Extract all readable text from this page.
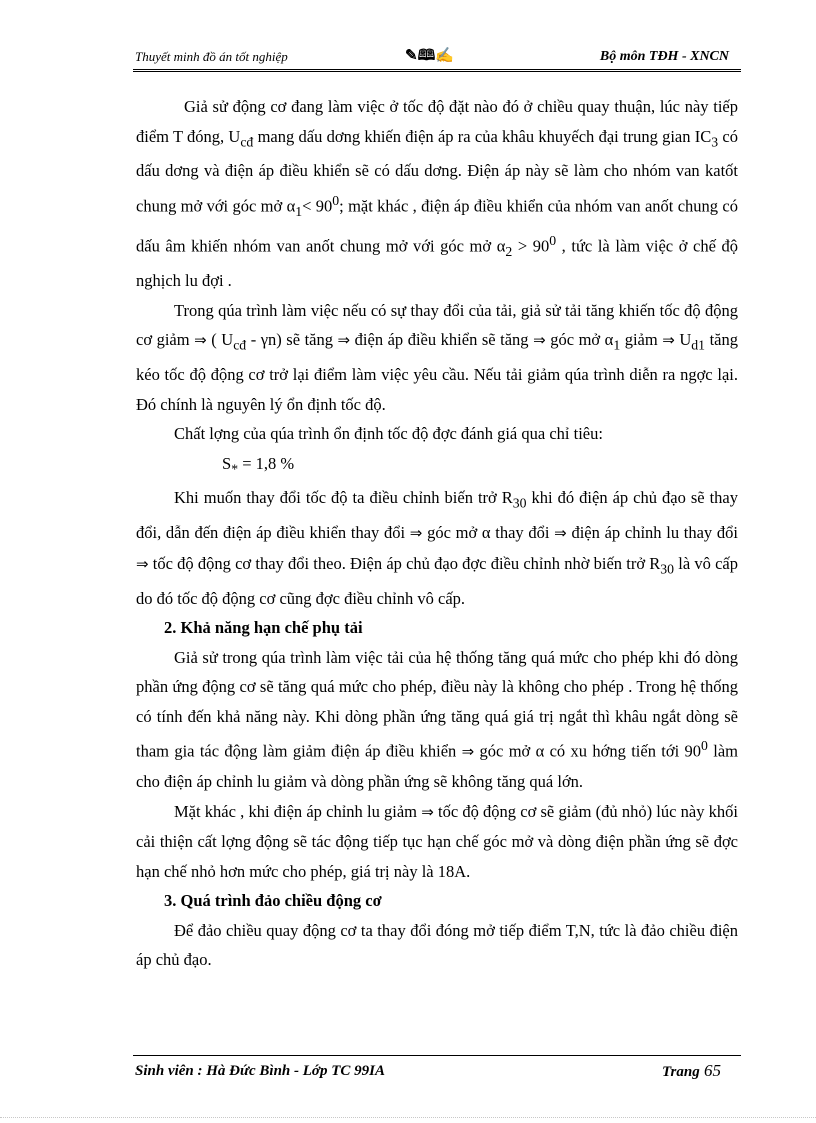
Thuyết minh đồ án tốt nghiệp	✎🕮✍	Bộ môn TĐH - XNCN

Giả sử động cơ đang làm việc ở tốc độ đặt nào đó ở chiều quay thuận, lúc này tiếp điểm T đóng, $U_{cđ}$ mang dấu dơng khiến điện áp ra của khâu khuyếch đại trung gian $IC_3$ có dấu dơng và điện áp điều khiển sẽ có dấu dơng. Điện áp này sẽ làm cho nhóm van katốt chung mở với góc mở $\alpha_1< 90^0$; mặt khác , điện áp điều khiển của nhóm van anốt chung có dấu âm khiến nhóm van anốt chung mở với góc mở $\alpha_2 > 90^0$ , tức là làm việc ở chế độ nghịch lu đợi .

Trong qúa trình làm việc nếu có sự thay đổi của tải, giả sử tải tăng khiến tốc độ động cơ giảm ⇒ ( $U_{cđ} - \gamma n$) sẽ tăng ⇒ điện áp điều khiển sẽ tăng ⇒ góc mở $\alpha_1$ giảm ⇒ $U_{d1}$ tăng kéo tốc độ động cơ trở lại điểm làm việc yêu cầu. Nếu tải giảm qúa trình diễn ra ngợc lại. Đó chính là nguyên lý ổn định tốc độ.

Chất lợng của qúa trình ổn định tốc độ đợc đánh giá qua chỉ tiêu:

$S_* = 1,8$ %

Khi muốn thay đổi tốc độ ta điều chỉnh biến trở $R_{30}$ khi đó điện áp chủ đạo sẽ thay đổi, dẫn đến điện áp điều khiển thay đổi ⇒ góc mở α thay đổi ⇒ điện áp chỉnh lu thay đổi ⇒ tốc độ động cơ thay đổi theo. Điện áp chủ đạo đợc điều chỉnh nhờ biến trở $R_{30}$ là vô cấp do đó tốc độ động cơ cũng đợc điều chỉnh vô cấp.

2. Khả năng hạn chế phụ tải

Giả sử trong qúa trình làm việc tải của hệ thống tăng quá mức cho phép khi đó dòng phần ứng động cơ sẽ tăng quá mức cho phép, điều này là không cho phép . Trong hệ thống có tính đến khả năng này. Khi dòng phần ứng tăng quá giá trị ngắt thì khâu ngắt dòng sẽ tham gia tác động làm giảm điện áp điều khiển ⇒ góc mở α có xu hớng tiến tới $90^0$ làm cho điện áp chỉnh lu giảm và dòng phần ứng sẽ không tăng quá lớn.

Mặt khác , khi điện áp chỉnh lu giảm ⇒ tốc độ động cơ sẽ giảm (đủ nhỏ) lúc này khối cải thiện cất lợng động sẽ tác động tiếp tục hạn chế góc mở và dòng điện phần ứng sẽ đợc hạn chế nhỏ hơn mức cho phép, giá trị này là 18A.

3. Quá trình đảo chiều động cơ

Để đảo chiều quay động cơ ta thay đổi đóng mở tiếp điểm T,N, tức là đảo chiều điện áp chủ đạo.

Sinh viên : Hà Đức Bình - Lớp TC 99IA	Trang 65
